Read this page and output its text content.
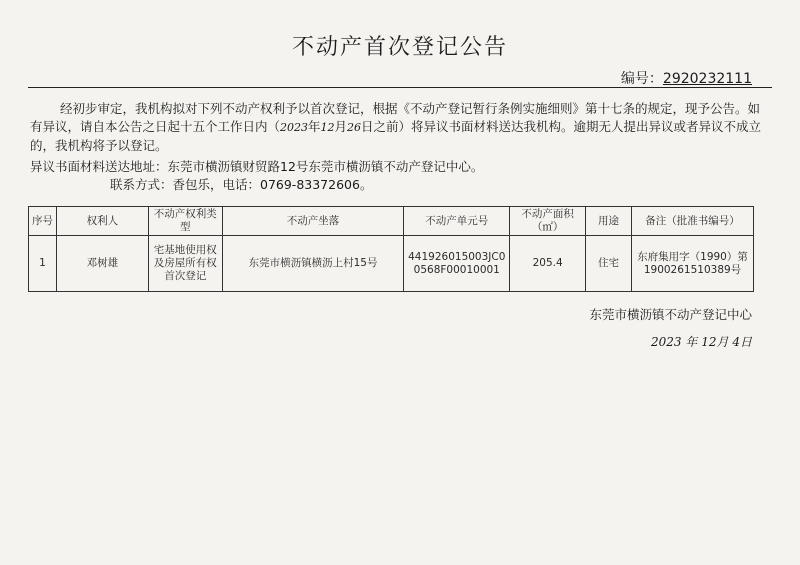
不动产首次登记公告
编号：2920232111
经初步审定，我机构拟对下列不动产权利予以首次登记，根据《不动产登记暂行条例实施细则》第十七条的规定，现予公告。如有异议，请自本公告之日起十五个工作日内（2023年12月26日之前）将异议书面材料送达我机构。逾期无人提出异议或者异议不成立的，我机构将予以登记。
异议书面材料送达地址：东莞市横沥镇财贸路12号东莞市横沥镇不动产登记中心。
联系方式：香包乐，电话：0769-83372606。
序号	权利人	不动产权利类型	不动产坐落	不动产单元号	不动产面积（㎡）	用途	备注（批准书编号）
1	邓树雄	宅基地使用权及房屋所有权首次登记	东莞市横沥镇横沥上村15号	441926015003JC00568F00010001	205.4	住宅	东府集用字（1990）第1900261510389号
东莞市横沥镇不动产登记中心
2023 年 12月 4日
